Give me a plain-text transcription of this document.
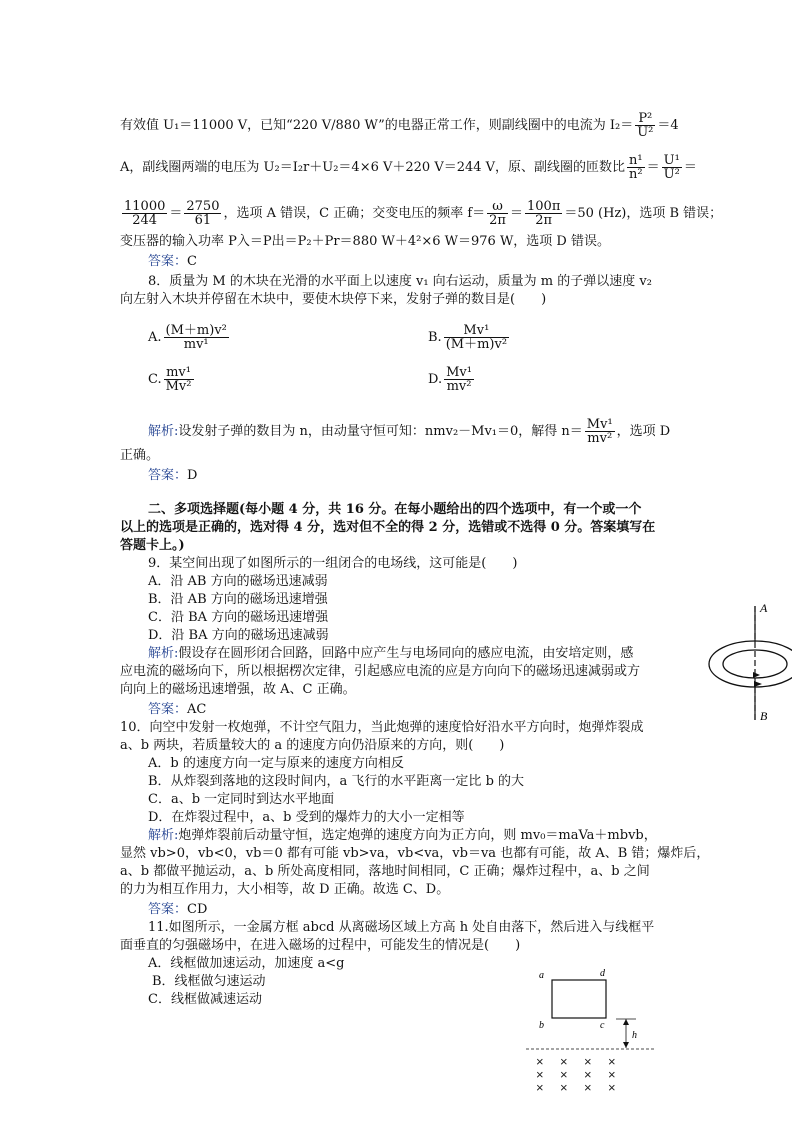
有效值 U₁＝11000 V，已知“220 V/880 W”的电器正常工作，则副线圈中的电流为 $I_2= \frac{\text{P²}}{\text{U²}} =4$
A，副线圈两端的电压为 U₂＝I₂r＋U₂＝4×6 V＋220 V＝244 V，原、副线圈的匝数比 $\frac{\text{n¹}}{\text{n²}} = \frac{\text{U¹}}{\text{U²}}$ ＝
$\frac{11000}{244} = \frac{2750}{61}$ ，选项 A 错误，C 正确；交变电压的频率 $f= \frac{\omega}{2\pi} = \frac{100\pi}{2\pi} =50$ (Hz)，选项 B 错误；
变压器的输入功率 P入＝P出＝P₂＋Pr＝880 W＋4²×6 W＝976 W，选项 D 错误。
答案：C
8．质量为 M 的木块在光滑的水平面上以速度 v₁ 向右运动，质量为 m 的子弹以速度 v₂
向左射入木块并停留在木块中，要使木块停下来，发射子弹的数目是(　　)
A. $\frac{\text{(M＋m)v²}}{\text{mv¹}}$	B. $\frac{\text{Mv¹}}{\text{(M＋m)v²}}$
C. $\frac{\text{mv¹}}{\text{Mv²}}$	D. $\frac{\text{Mv¹}}{\text{mv²}}$
解析:设发射子弹的数目为 n，由动量守恒可知：nmv₂－Mv₁＝0，解得 $n= \frac{\text{Mv¹}}{\text{mv²}}$ ，选项 D
正确。
答案：D
二、多项选择题(每小题 4 分，共 16 分。在每小题给出的四个选项中，有一个或一个
以上的选项是正确的，选对得 4 分，选对但不全的得 2 分，选错或不选得 0 分。答案填写在
答题卡上。)
9．某空间出现了如图所示的一组闭合的电场线，这可能是(　　)
A．沿 AB 方向的磁场迅速减弱
B．沿 AB 方向的磁场迅速增强
C．沿 BA 方向的磁场迅速增强
D．沿 BA 方向的磁场迅速减弱
解析:假设存在圆形闭合回路，回路中应产生与电场同向的感应电流，由安培定则，感
应电流的磁场向下，所以根据楞次定律，引起感应电流的应是方向向下的磁场迅速减弱或方
向向上的磁场迅速增强，故 A、C 正确。
答案：AC
A
B
10．向空中发射一枚炮弹，不计空气阻力，当此炮弹的速度恰好沿水平方向时，炮弹炸裂成
a、b 两块，若质量较大的 a 的速度方向仍沿原来的方向，则(　　)
A．b 的速度方向一定与原来的速度方向相反
B．从炸裂到落地的这段时间内，a 飞行的水平距离一定比 b 的大
C．a、b 一定同时到达水平地面
D．在炸裂过程中，a、b 受到的爆炸力的大小一定相等
解析:炮弹炸裂前后动量守恒，选定炮弹的速度方向为正方向，则 mv₀＝maVa＋mbvb，
显然 vb>0，vb<0，vb＝0 都有可能 vb>va，vb<va，vb＝va 也都有可能，故 A、B 错；爆炸后，
a、b 都做平抛运动，a、b 所处高度相同，落地时间相同，C 正确；爆炸过程中，a、b 之间
的力为相互作用力，大小相等，故 D 正确。故选 C、D。
答案：CD
11.如图所示，一金属方框 abcd 从离磁场区域上方高 h 处自由落下，然后进入与线框平
面垂直的匀强磁场中，在进入磁场的过程中，可能发生的情况是(　　)
A．线框做加速运动，加速度 a<g
B．线框做匀速运动
C．线框做减速运动
a	d
b	c
h
× × × ×
× × × ×
× × × ×
